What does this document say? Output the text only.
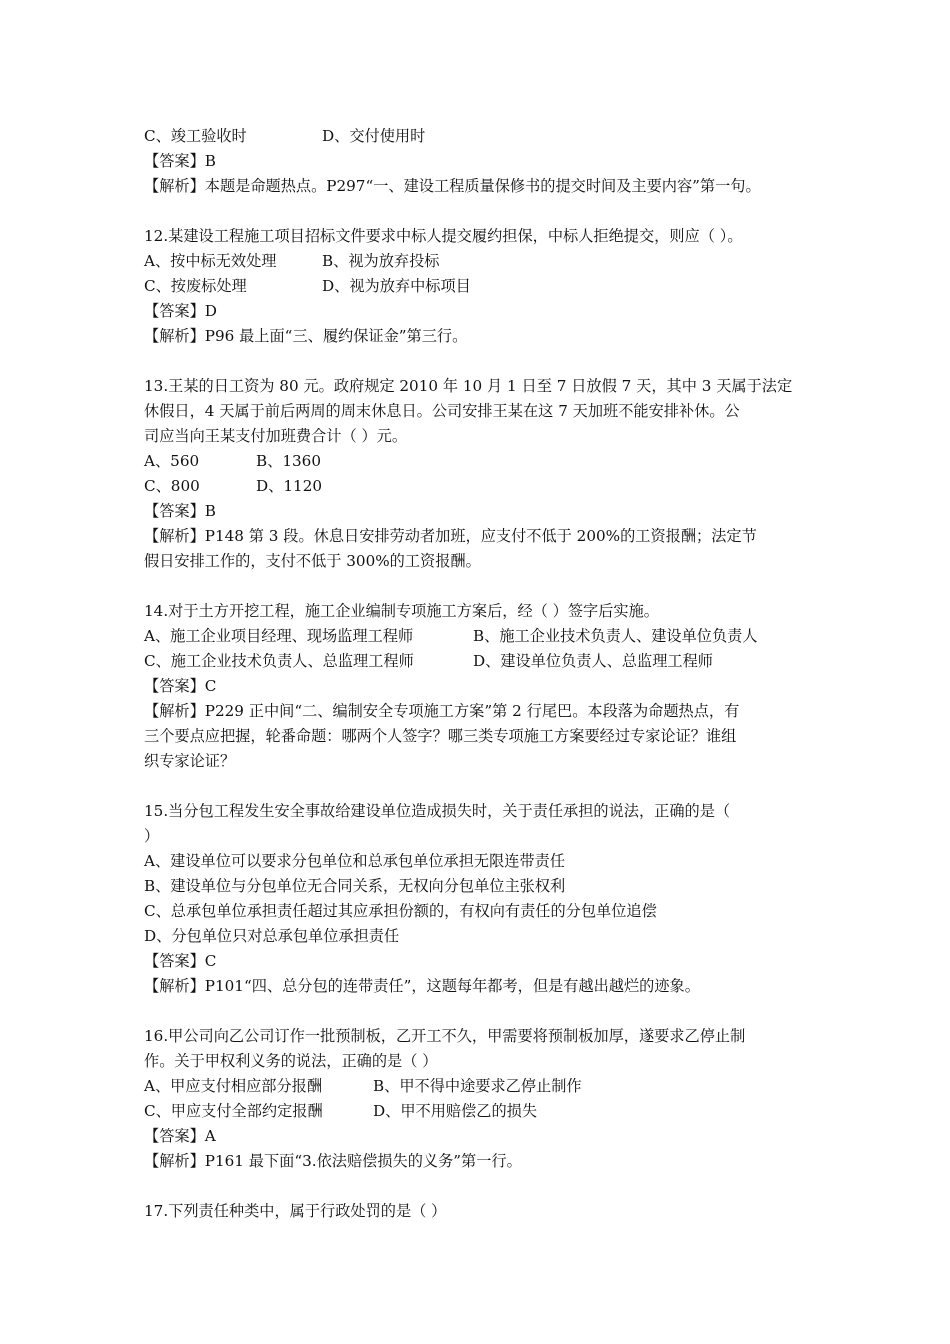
C、竣工验收时	D、交付使用时
【答案】B
【解析】本题是命题热点。P297“一、建设工程质量保修书的提交时间及主要内容”第一句。
12.某建设工程施工项目招标文件要求中标人提交履约担保，中标人拒绝提交，则应（ ）。
A、按中标无效处理	B、视为放弃投标
C、按废标处理	D、视为放弃中标项目
【答案】D
【解析】P96 最上面“三、履约保证金”第三行。
13.王某的日工资为 80 元。政府规定 2010 年 10 月 1 日至 7 日放假 7 天，其中 3 天属于法定
休假日，4 天属于前后两周的周末休息日。公司安排王某在这 7 天加班不能安排补休。公
司应当向王某支付加班费合计（ ）元。
A、560	B、1360
C、800	D、1120
【答案】B
【解析】P148 第 3 段。休息日安排劳动者加班，应支付不低于 200%的工资报酬；法定节
假日安排工作的，支付不低于 300%的工资报酬。
14.对于土方开挖工程，施工企业编制专项施工方案后，经（ ）签字后实施。
A、施工企业项目经理、现场监理工程师	B、施工企业技术负责人、建设单位负责人
C、施工企业技术负责人、总监理工程师	D、建设单位负责人、总监理工程师
【答案】C
【解析】P229 正中间“二、编制安全专项施工方案”第 2 行尾巴。本段落为命题热点，有
三个要点应把握，轮番命题：哪两个人签字？哪三类专项施工方案要经过专家论证？谁组
织专家论证？
15.当分包工程发生安全事故给建设单位造成损失时，关于责任承担的说法，正确的是（
）
A、建设单位可以要求分包单位和总承包单位承担无限连带责任
B、建设单位与分包单位无合同关系，无权向分包单位主张权利
C、总承包单位承担责任超过其应承担份额的，有权向有责任的分包单位追偿
D、分包单位只对总承包单位承担责任
【答案】C
【解析】P101“四、总分包的连带责任”，这题每年都考，但是有越出越烂的迹象。
16.甲公司向乙公司订作一批预制板，乙开工不久，甲需要将预制板加厚，遂要求乙停止制
作。关于甲权利义务的说法，正确的是（ ）
A、甲应支付相应部分报酬	B、甲不得中途要求乙停止制作
C、甲应支付全部约定报酬	D、甲不用赔偿乙的损失
【答案】A
【解析】P161 最下面“3.依法赔偿损失的义务”第一行。
17.下列责任种类中，属于行政处罚的是（ ）
